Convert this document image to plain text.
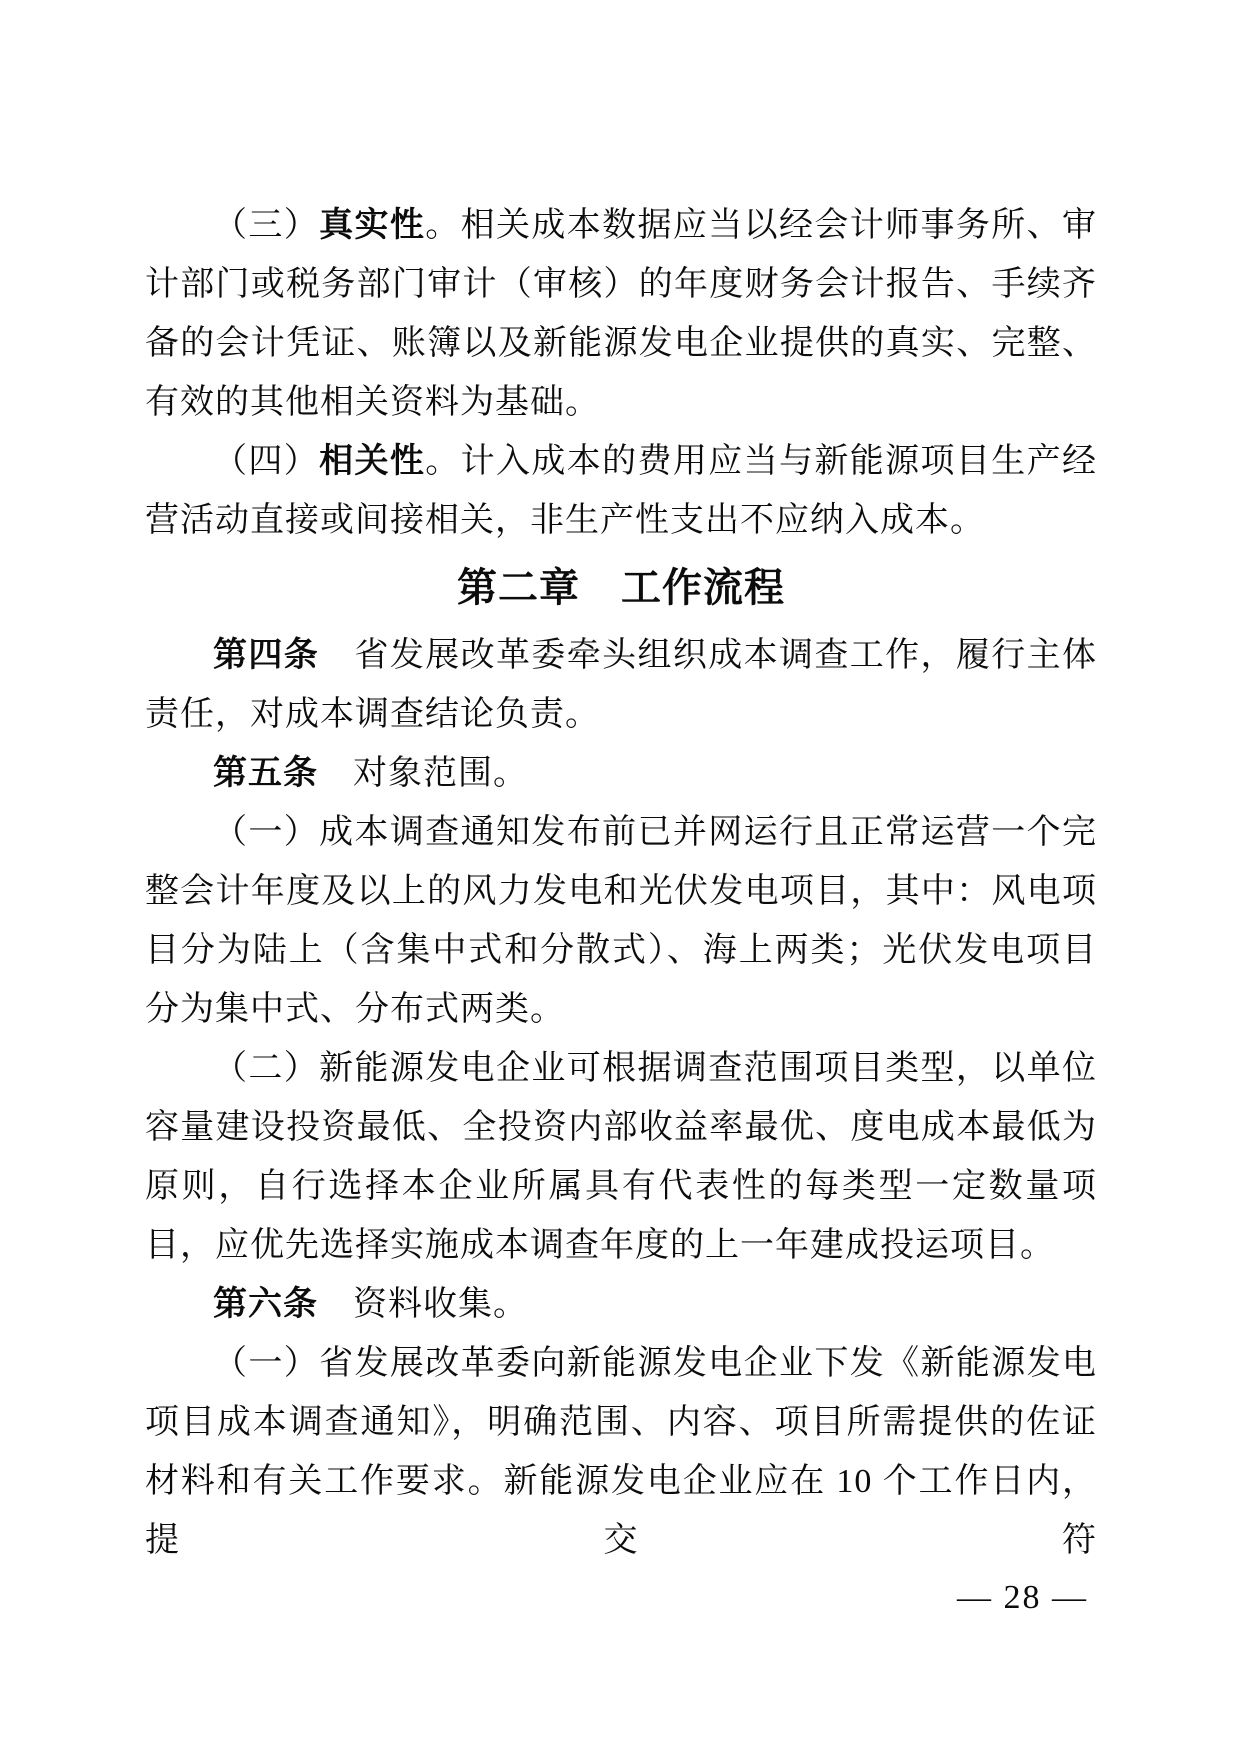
（三）真实性。相关成本数据应当以经会计师事务所、审计部门或税务部门审计（审核）的年度财务会计报告、手续齐备的会计凭证、账簿以及新能源发电企业提供的真实、完整、有效的其他相关资料为基础。

（四）相关性。计入成本的费用应当与新能源项目生产经营活动直接或间接相关，非生产性支出不应纳入成本。

第二章　工作流程

第四条　省发展改革委牵头组织成本调查工作，履行主体责任，对成本调查结论负责。

第五条　对象范围。

（一）成本调查通知发布前已并网运行且正常运营一个完整会计年度及以上的风力发电和光伏发电项目，其中：风电项目分为陆上（含集中式和分散式）、海上两类；光伏发电项目分为集中式、分布式两类。

（二）新能源发电企业可根据调查范围项目类型，以单位容量建设投资最低、全投资内部收益率最优、度电成本最低为原则，自行选择本企业所属具有代表性的每类型一定数量项目，应优先选择实施成本调查年度的上一年建成投运项目。

第六条　资料收集。

（一）省发展改革委向新能源发电企业下发《新能源发电项目成本调查通知》，明确范围、内容、项目所需提供的佐证材料和有关工作要求。新能源发电企业应在 10 个工作日内，提交符

— 28 —
